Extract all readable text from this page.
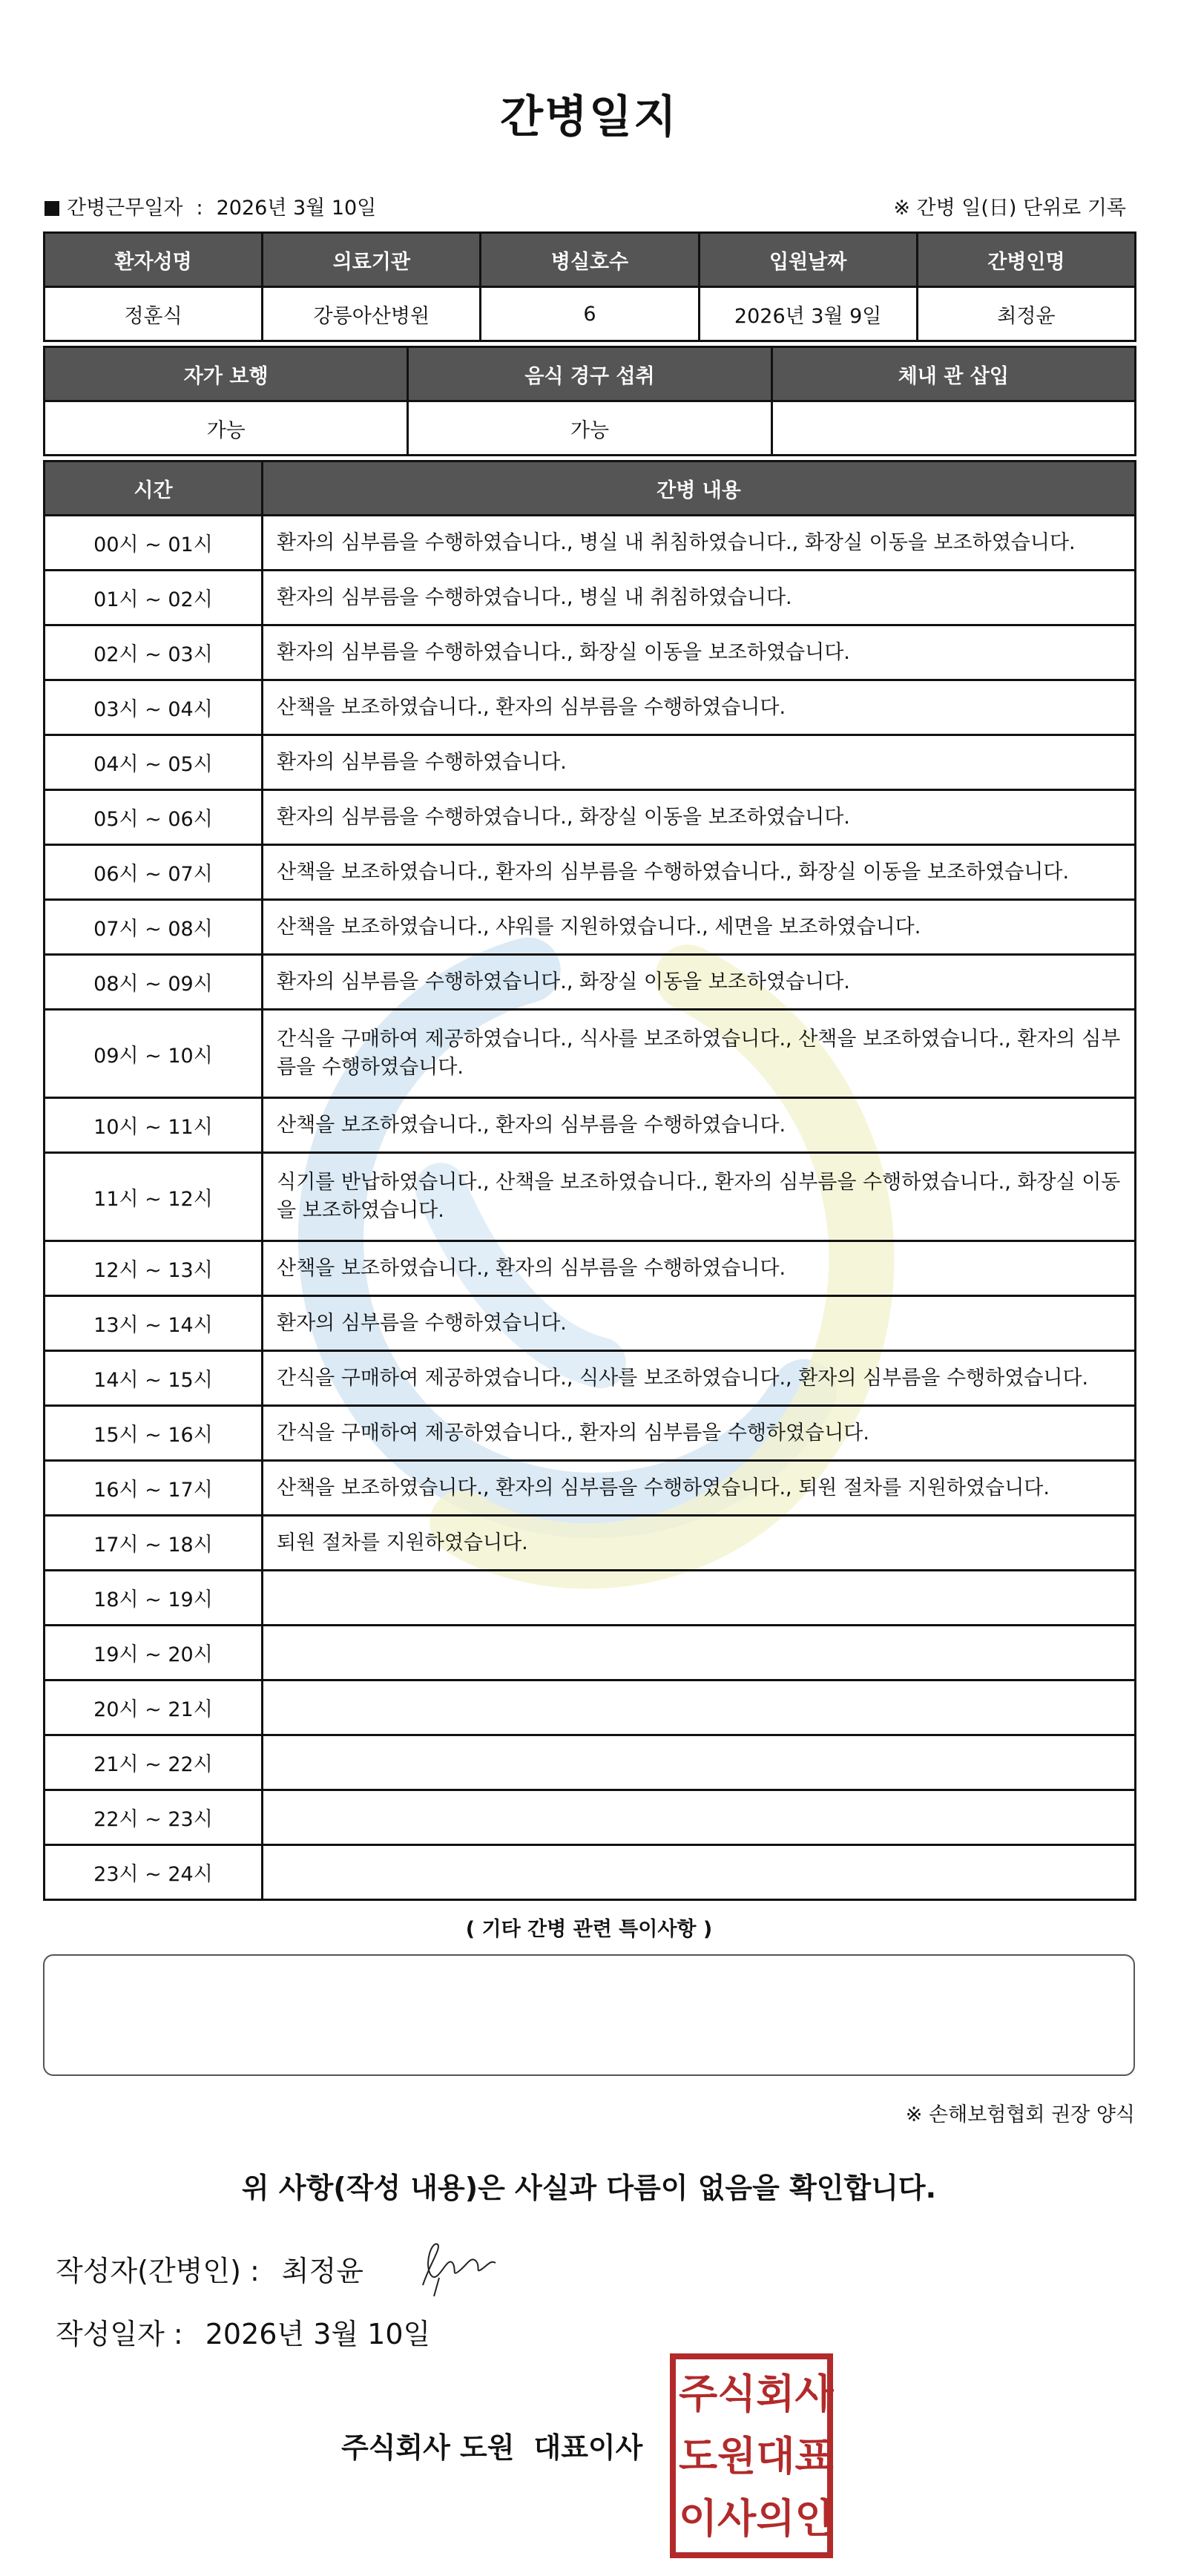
간병일지
간병근무일자 : 2026년 3월 10일	※ 간병 일(日) 단위로 기록
환자성명	의료기관	병실호수	입원날짜	간병인명
정훈식	강릉아산병원	6	2026년 3월 9일	최정윤
자가 보행	음식 경구 섭취	체내 관 삽입
가능	가능	
시간	간병 내용
00시 ~ 01시	환자의 심부름을 수행하였습니다., 병실 내 취침하였습니다., 화장실 이동을 보조하였습니다.
01시 ~ 02시	환자의 심부름을 수행하였습니다., 병실 내 취침하였습니다.
02시 ~ 03시	환자의 심부름을 수행하였습니다., 화장실 이동을 보조하였습니다.
03시 ~ 04시	산책을 보조하였습니다., 환자의 심부름을 수행하였습니다.
04시 ~ 05시	환자의 심부름을 수행하였습니다.
05시 ~ 06시	환자의 심부름을 수행하였습니다., 화장실 이동을 보조하였습니다.
06시 ~ 07시	산책을 보조하였습니다., 환자의 심부름을 수행하였습니다., 화장실 이동을 보조하였습니다.
07시 ~ 08시	산책을 보조하였습니다., 샤워를 지원하였습니다., 세면을 보조하였습니다.
08시 ~ 09시	환자의 심부름을 수행하였습니다., 화장실 이동을 보조하였습니다.
09시 ~ 10시	간식을 구매하여 제공하였습니다., 식사를 보조하였습니다., 산책을 보조하였습니다., 환자의 심부름을 수행하였습니다.
10시 ~ 11시	산책을 보조하였습니다., 환자의 심부름을 수행하였습니다.
11시 ~ 12시	식기를 반납하였습니다., 산책을 보조하였습니다., 환자의 심부름을 수행하였습니다., 화장실 이동을 보조하였습니다.
12시 ~ 13시	산책을 보조하였습니다., 환자의 심부름을 수행하였습니다.
13시 ~ 14시	환자의 심부름을 수행하였습니다.
14시 ~ 15시	간식을 구매하여 제공하였습니다., 식사를 보조하였습니다., 환자의 심부름을 수행하였습니다.
15시 ~ 16시	간식을 구매하여 제공하였습니다., 환자의 심부름을 수행하였습니다.
16시 ~ 17시	산책을 보조하였습니다., 환자의 심부름을 수행하였습니다., 퇴원 절차를 지원하였습니다.
17시 ~ 18시	퇴원 절차를 지원하였습니다.
18시 ~ 19시	
19시 ~ 20시	
20시 ~ 21시	
21시 ~ 22시	
22시 ~ 23시	
23시 ~ 24시	
( 기타 간병 관련 특이사항 )
※ 손해보험협회 권장 양식
위 사항(작성 내용)은 사실과 다름이 없음을 확인합니다.
작성자(간병인) : 최정윤
작성일자 : 2026년 3월 10일
주식회사 도원 대표이사
주 식 회 사
도 원 대 표
이 사 의 인
